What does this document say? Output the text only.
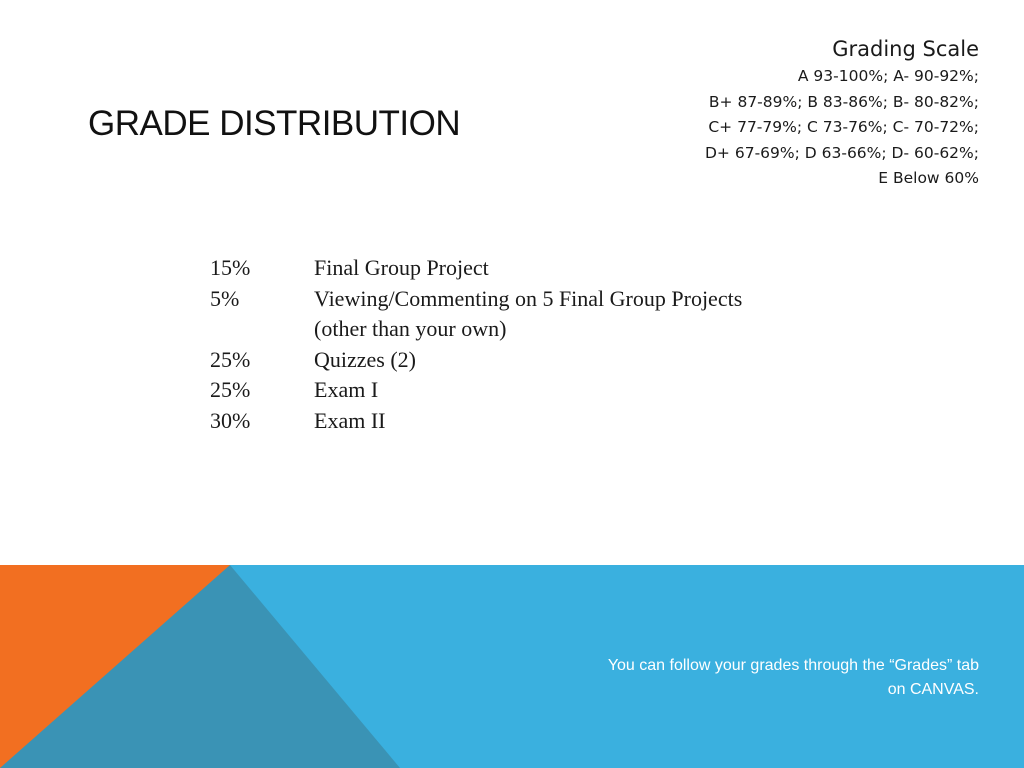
GRADE DISTRIBUTION

Grading Scale

A 93-100%; A- 90-92%;

B+ 87-89%; B 83-86%; B- 80-82%;

C+ 77-79%; C 73-76%; C- 70-72%;

D+ 67-69%; D 63-66%; D- 60-62%;

E Below 60%

15%	Final Group Project
5%	Viewing/Commenting on 5 Final Group Projects
(other than your own)
25%	Quizzes (2)
25%	Exam I
30%	Exam II
You can follow your grades through the “Grades” tab
on CANVAS.
